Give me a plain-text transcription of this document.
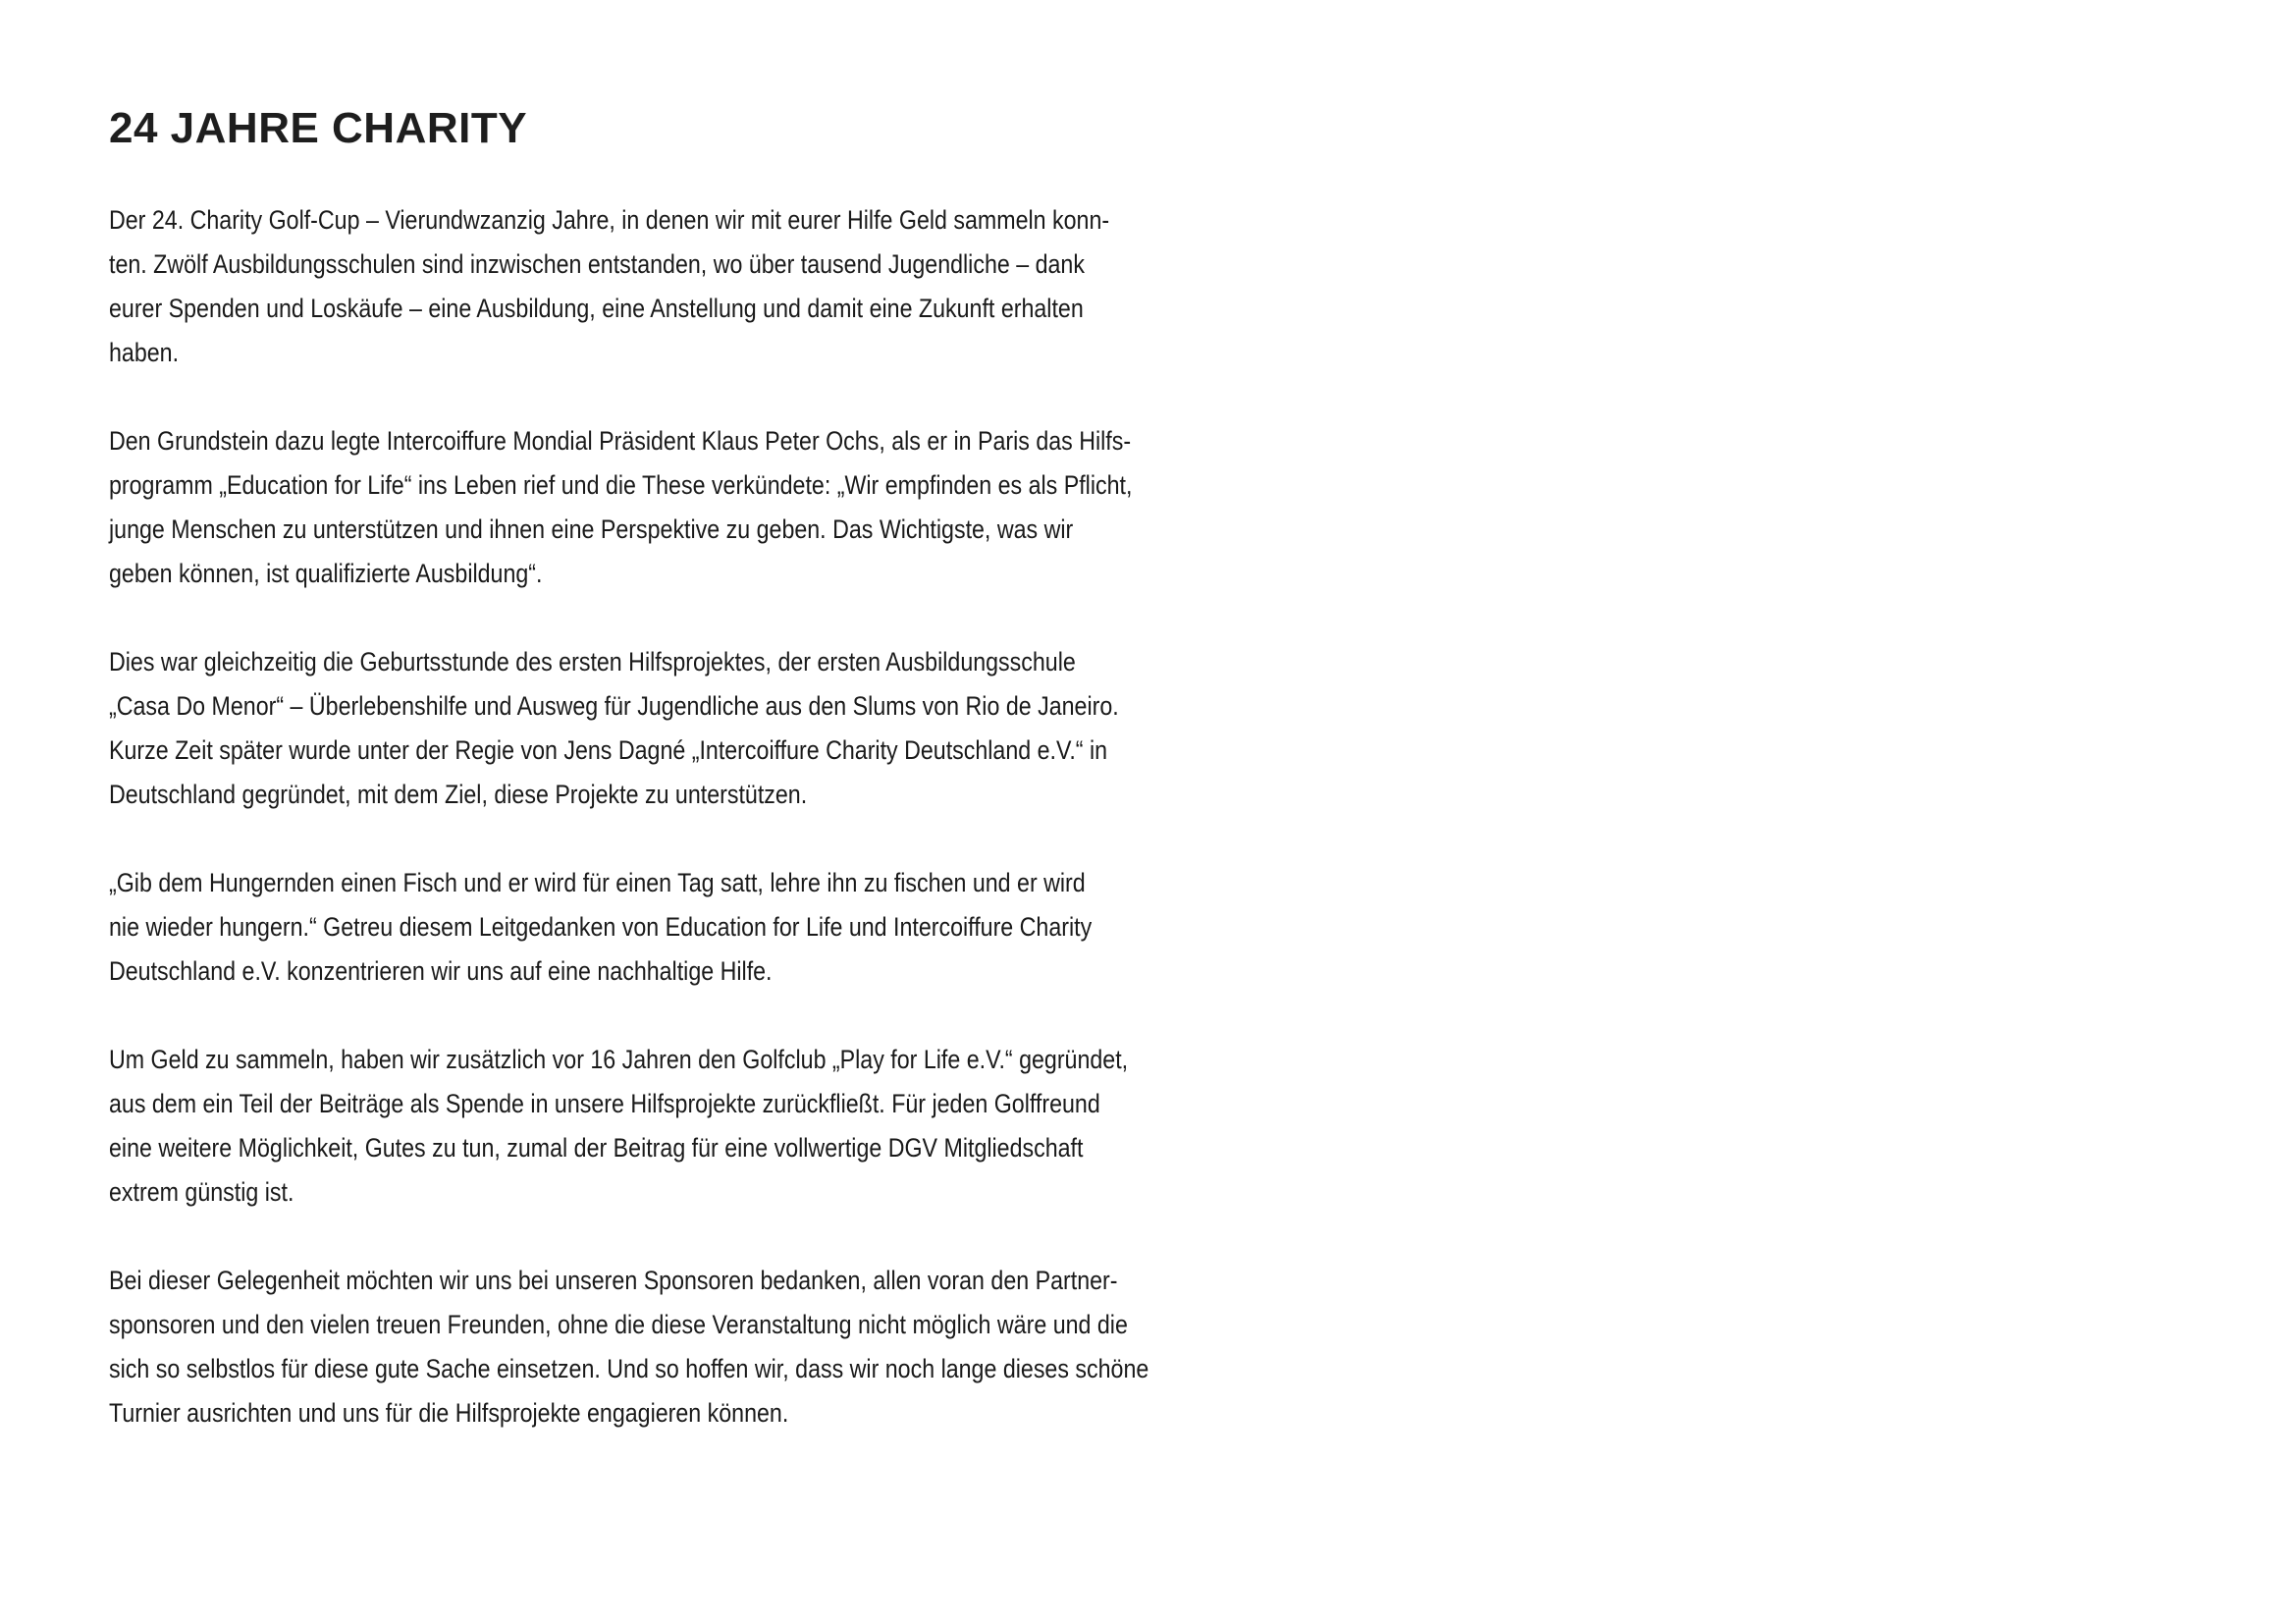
24 JAHRE CHARITY

Der 24. Charity Golf-Cup – Vierundwzanzig Jahre, in denen wir mit eurer Hilfe Geld sammeln konn-
ten. Zwölf Ausbildungsschulen sind inzwischen entstanden, wo über tausend Jugendliche – dank
eurer Spenden und Loskäufe – eine Ausbildung, eine Anstellung und damit eine Zukunft erhalten
haben.

Den Grundstein dazu legte Intercoiffure Mondial Präsident Klaus Peter Ochs, als er in Paris das Hilfs-
programm „Education for Life“ ins Leben rief und die These verkündete: „Wir empfinden es als Pflicht,
junge Menschen zu unterstützen und ihnen eine Perspektive zu geben. Das Wichtigste, was wir
geben können, ist qualifizierte Ausbildung“.

Dies war gleichzeitig die Geburtsstunde des ersten Hilfsprojektes, der ersten Ausbildungsschule
„Casa Do Menor“ – Überlebenshilfe und Ausweg für Jugendliche aus den Slums von Rio de Janeiro.
Kurze Zeit später wurde unter der Regie von Jens Dagné „Intercoiffure Charity Deutschland e.V.“ in
Deutschland gegründet, mit dem Ziel, diese Projekte zu unterstützen.

„Gib dem Hungernden einen Fisch und er wird für einen Tag satt, lehre ihn zu fischen und er wird
nie wieder hungern.“ Getreu diesem Leitgedanken von Education for Life und Intercoiffure Charity
Deutschland e.V. konzentrieren wir uns auf eine nachhaltige Hilfe.

Um Geld zu sammeln, haben wir zusätzlich vor 16 Jahren den Golfclub „Play for Life e.V.“ gegründet,
aus dem ein Teil der Beiträge als Spende in unsere Hilfsprojekte zurückfließt. Für jeden Golffreund
eine weitere Möglichkeit, Gutes zu tun, zumal der Beitrag für eine vollwertige DGV Mitgliedschaft
extrem günstig ist.

Bei dieser Gelegenheit möchten wir uns bei unseren Sponsoren bedanken, allen voran den Partner-
sponsoren und den vielen treuen Freunden, ohne die diese Veranstaltung nicht möglich wäre und die
sich so selbstlos für diese gute Sache einsetzen. Und so hoffen wir, dass wir noch lange dieses schöne
Turnier ausrichten und uns für die Hilfsprojekte engagieren können.
